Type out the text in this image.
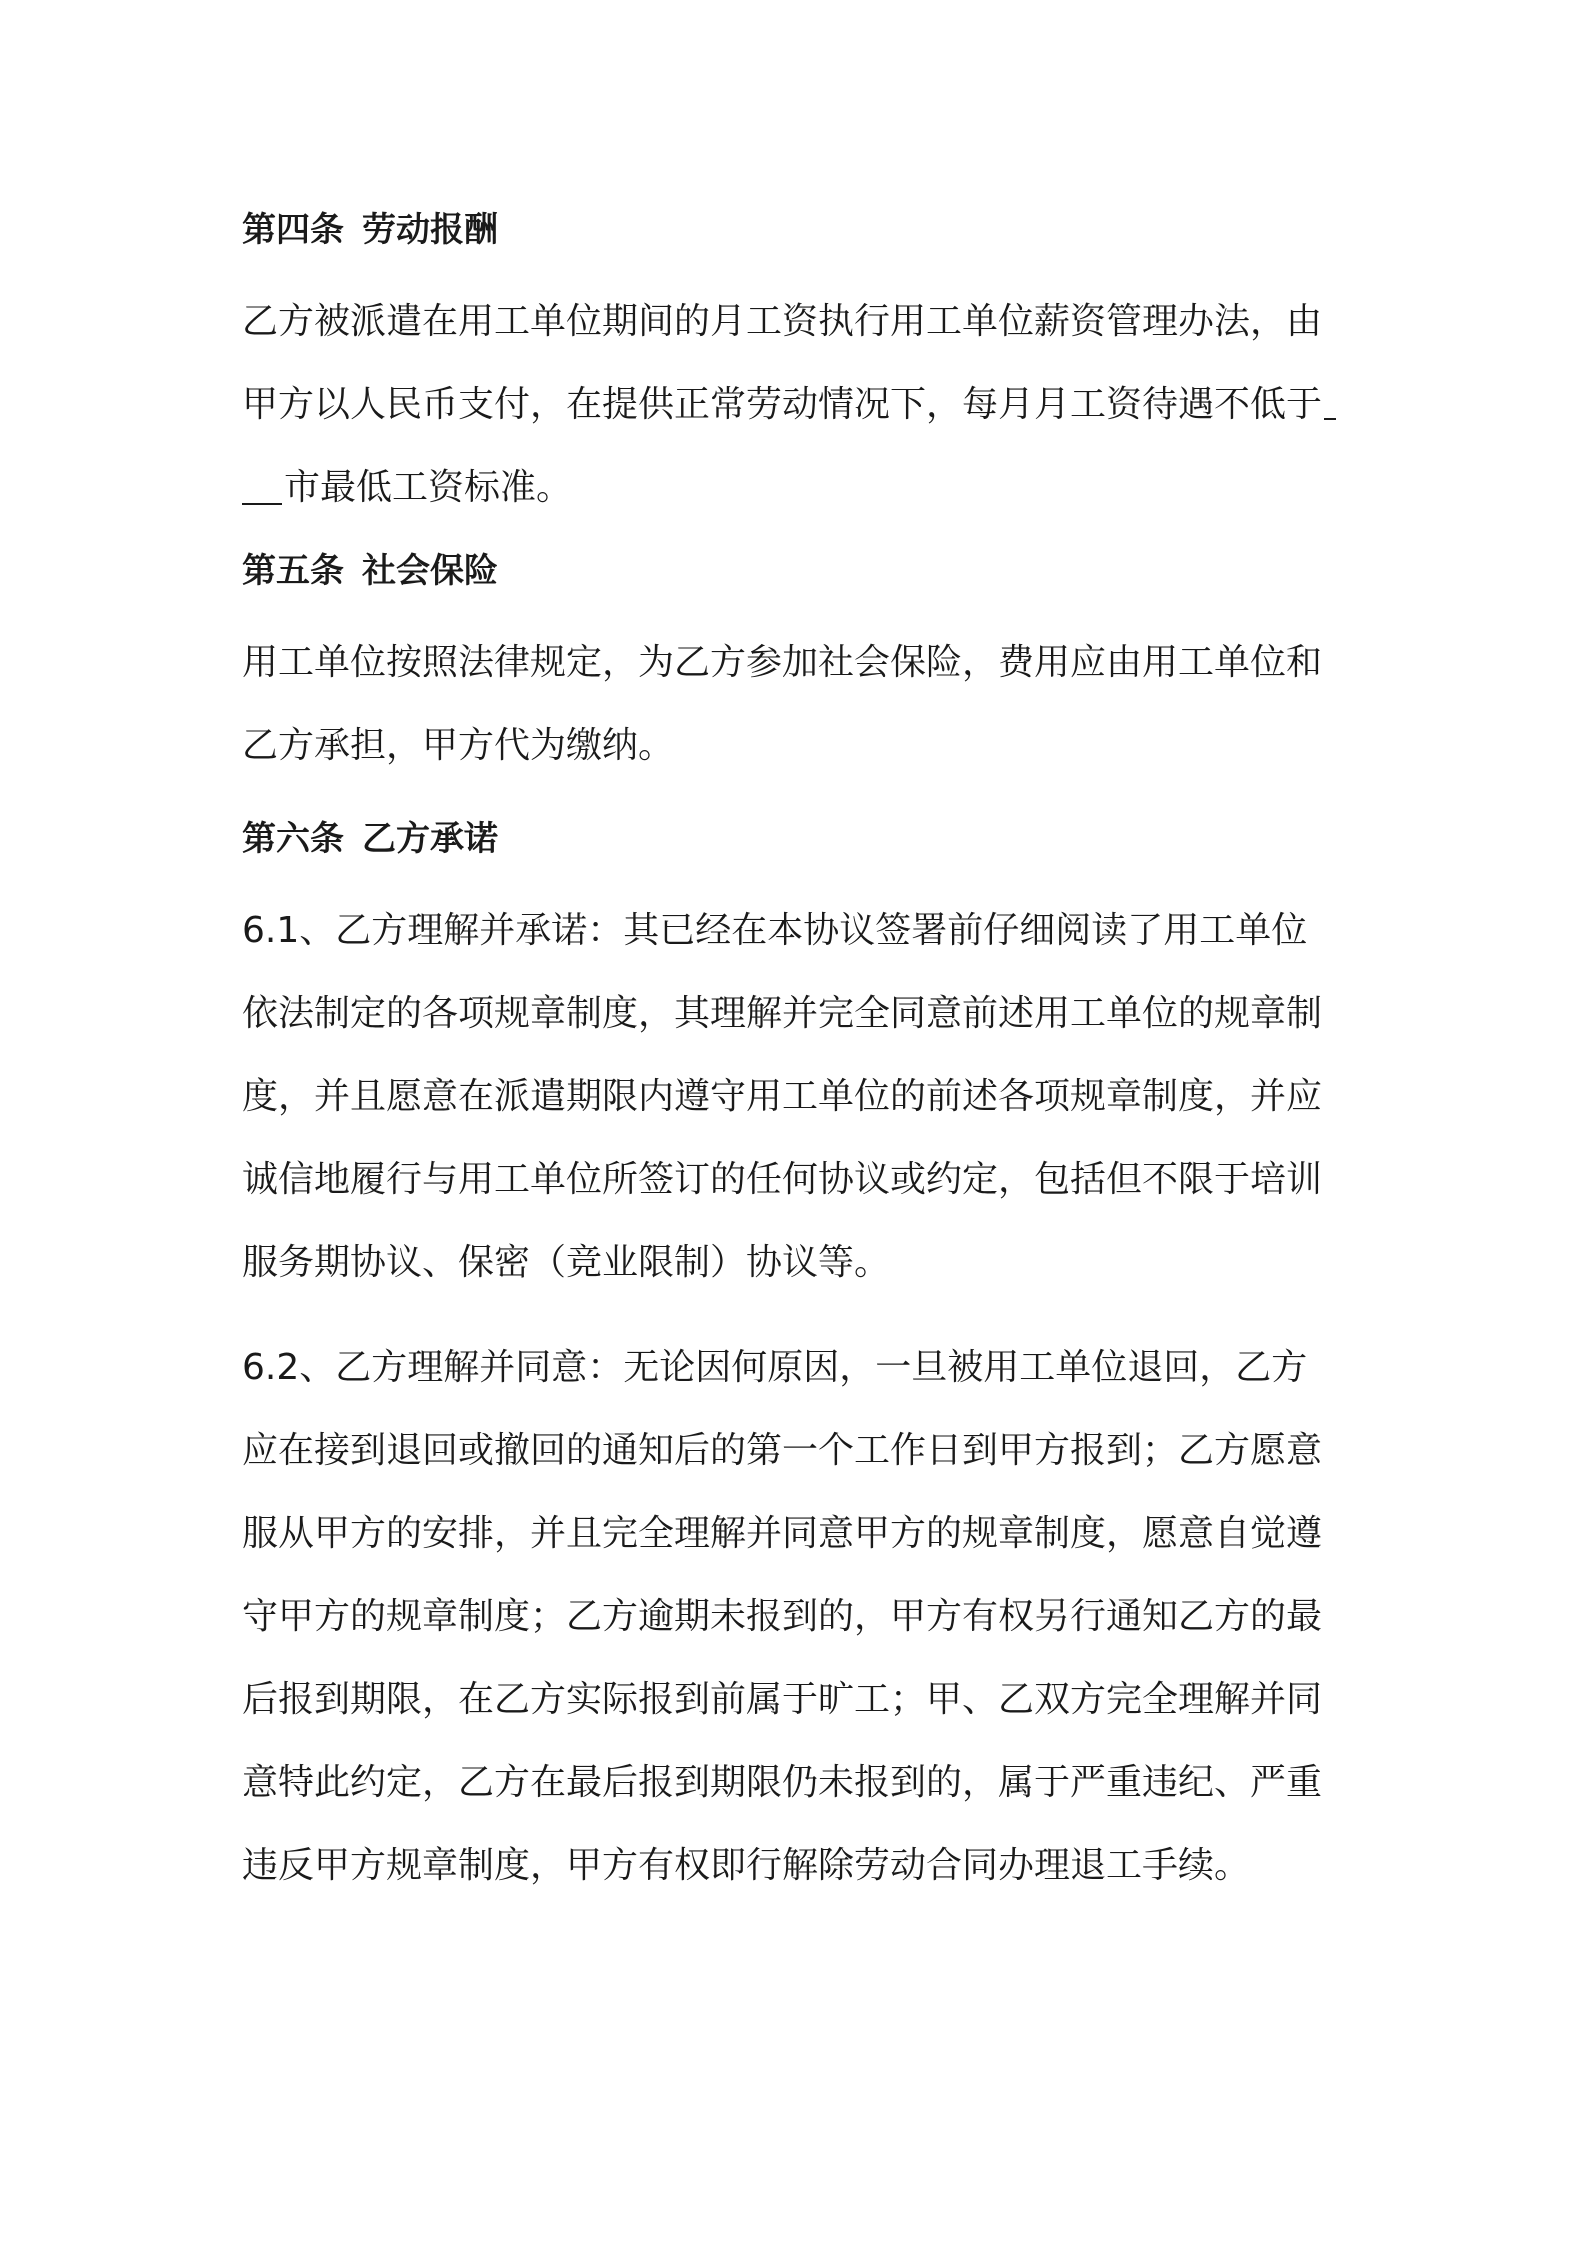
第四条 劳动报酬
乙方被派遣在用工单位期间的月工资执行用工单位薪资管理办法，由
甲方以人民币支付，在提供正常劳动情况下，每月月工资待遇不低于
市最低工资标准。
第五条 社会保险
用工单位按照法律规定，为乙方参加社会保险，费用应由用工单位和
乙方承担，甲方代为缴纳。
第六条 乙方承诺
6.1、乙方理解并承诺：其已经在本协议签署前仔细阅读了用工单位
依法制定的各项规章制度，其理解并完全同意前述用工单位的规章制
度，并且愿意在派遣期限内遵守用工单位的前述各项规章制度，并应
诚信地履行与用工单位所签订的任何协议或约定，包括但不限于培训
服务期协议、保密（竞业限制）协议等。
6.2、乙方理解并同意：无论因何原因，一旦被用工单位退回，乙方
应在接到退回或撤回的通知后的第一个工作日到甲方报到；乙方愿意
服从甲方的安排，并且完全理解并同意甲方的规章制度，愿意自觉遵
守甲方的规章制度；乙方逾期未报到的，甲方有权另行通知乙方的最
后报到期限，在乙方实际报到前属于旷工；甲、乙双方完全理解并同
意特此约定，乙方在最后报到期限仍未报到的，属于严重违纪、严重
违反甲方规章制度，甲方有权即行解除劳动合同办理退工手续。
